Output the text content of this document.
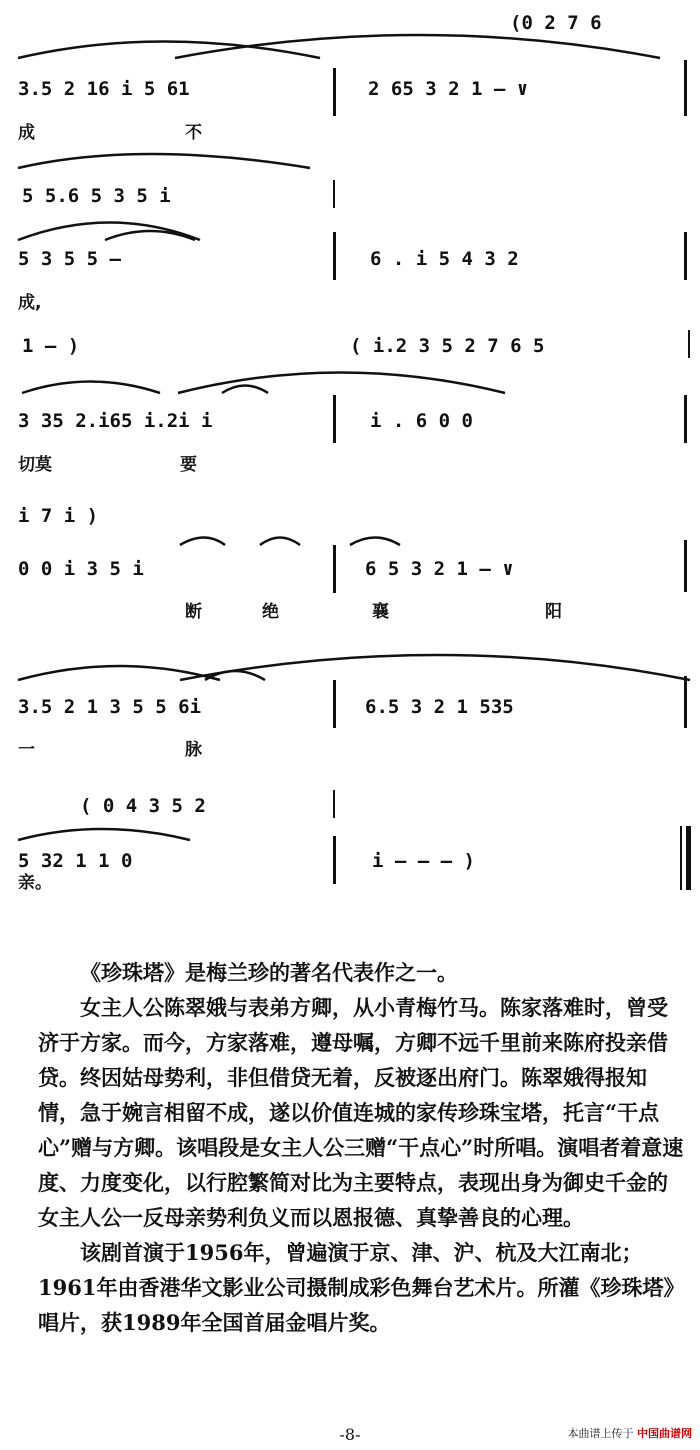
(0 2 7 6
3.5 2 16 i 5 61	2 65 3 2 1 – ∨
成	不
5 5.6 5 3 5 i
5 3 5 5 –	6 . i 5 4 3 2
成,
1 – )	( i.2 3 5 2 7 6 5
3 35 2.i65 i.2i i	i . 6 0 0
切莫	要
i 7 i )
0 0 i 3 5 i	6 5 3 2 1 – ∨
断	绝	襄	阳
3.5 2 1 3 5 5 6i	6.5 3 2 1 535
一	脉
( 0 4 3 5 2
5 32 1 1 0	i – – – )
亲。

《珍珠塔》是梅兰珍的著名代表作之一。

女主人公陈翠娥与表弟方卿，从小青梅竹马。陈家落难时，曾受济于方家。而今，方家落难，遵母嘱，方卿不远千里前来陈府投亲借贷。终因姑母势利，非但借贷无着，反被逐出府门。陈翠娥得报知情，急于婉言相留不成，遂以价值连城的家传珍珠宝塔，托言“干点心”赠与方卿。该唱段是女主人公三赠“干点心”时所唱。演唱者着意速度、力度变化，以行腔繁简对比为主要特点，表现出身为御史千金的女主人公一反母亲势利负义而以恩报德、真挚善良的心理。

该剧首演于1956年，曾遍演于京、津、沪、杭及大江南北；1961年由香港华文影业公司摄制成彩色舞台艺术片。所灌《珍珠塔》唱片，获1989年全国首届金唱片奖。

-8-	本曲谱上传于 中国曲谱网
